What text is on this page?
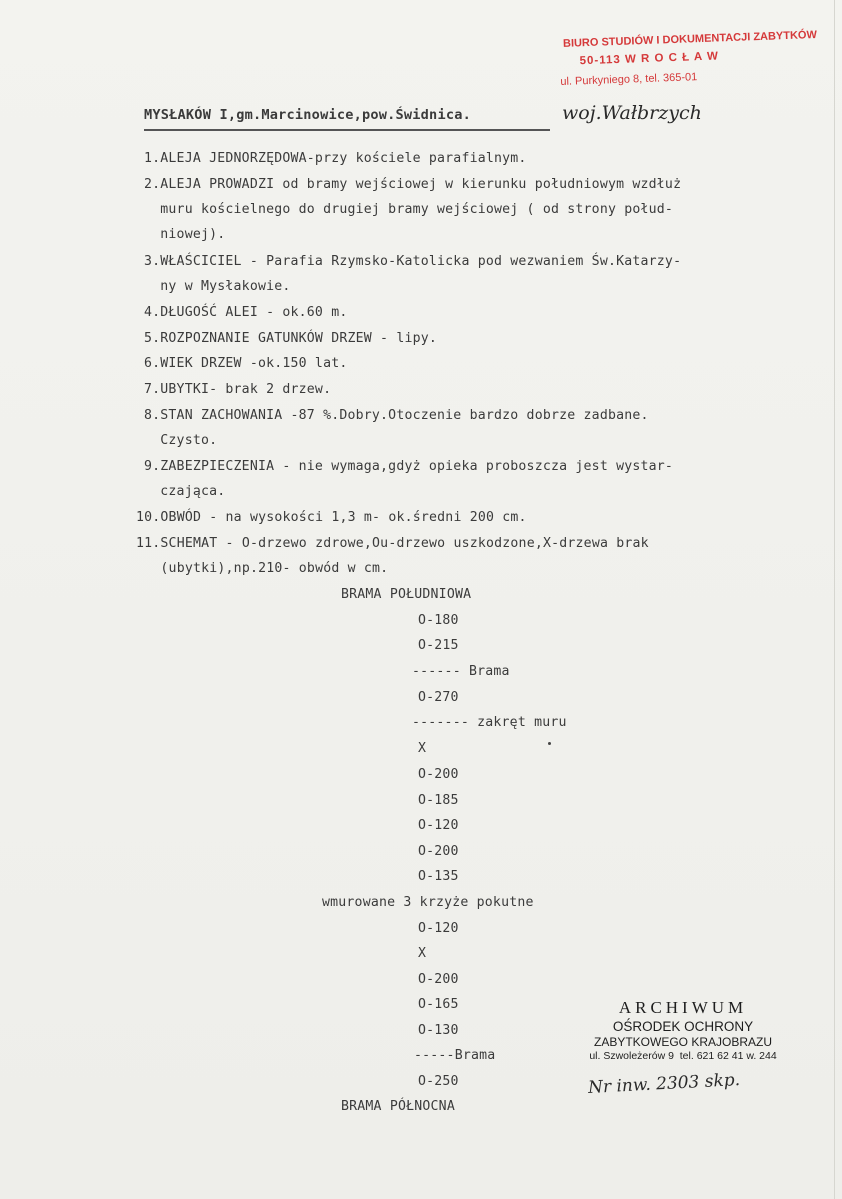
BIURO STUDIÓW I DOKUMENTACJI ZABYTKÓW
50-113 W R O C Ł A W
ul. Purkyniego 8, tel. 365-01
MYSŁAKÓW I,gm.Marcinowice,pow.Świdnica.	woj.Wałbrzych
1.ALEJA JEDNORZĘDOWA-przy kościele parafialnym.
2.ALEJA PROWADZI od bramy wejściowej w kierunku południowym wzdłuż
muru kościelnego do drugiej bramy wejściowej ( od strony połud-
niowej).
3.WŁAŚCICIEL - Parafia Rzymsko-Katolicka pod wezwaniem Św.Katarzy-
ny w Mysłakowie.
4.DŁUGOŚĆ ALEI - ok.60 m.
5.ROZPOZNANIE GATUNKÓW DRZEW - lipy.
6.WIEK DRZEW -ok.150 lat.
7.UBYTKI- brak 2 drzew.
8.STAN ZACHOWANIA -87 %.Dobry.Otoczenie bardzo dobrze zadbane.
Czysto.
9.ZABEZPIECZENIA - nie wymaga,gdyż opieka proboszcza jest wystar-
czająca.
10.OBWÓD - na wysokości 1,3 m- ok.średni 200 cm.
11.SCHEMAT - O-drzewo zdrowe,Ou-drzewo uszkodzone,X-drzewa brak
(ubytki),np.210- obwód w cm.
BRAMA POŁUDNIOWA
O-180
O-215
------ Brama
O-270
------- zakręt muru
X
O-200
O-185
O-120
O-200
O-135
wmurowane 3 krzyże pokutne
O-120
X
O-200
O-165
O-130
-----Brama
O-250
BRAMA PÓŁNOCNA
ARCHIWUM
OŚRODEK OCHRONY
ZABYTKOWEGO KRAJOBRAZU
ul. Szwoleżerów 9  tel. 621 62 41 w. 244
Nr inw. 2303 skp.
